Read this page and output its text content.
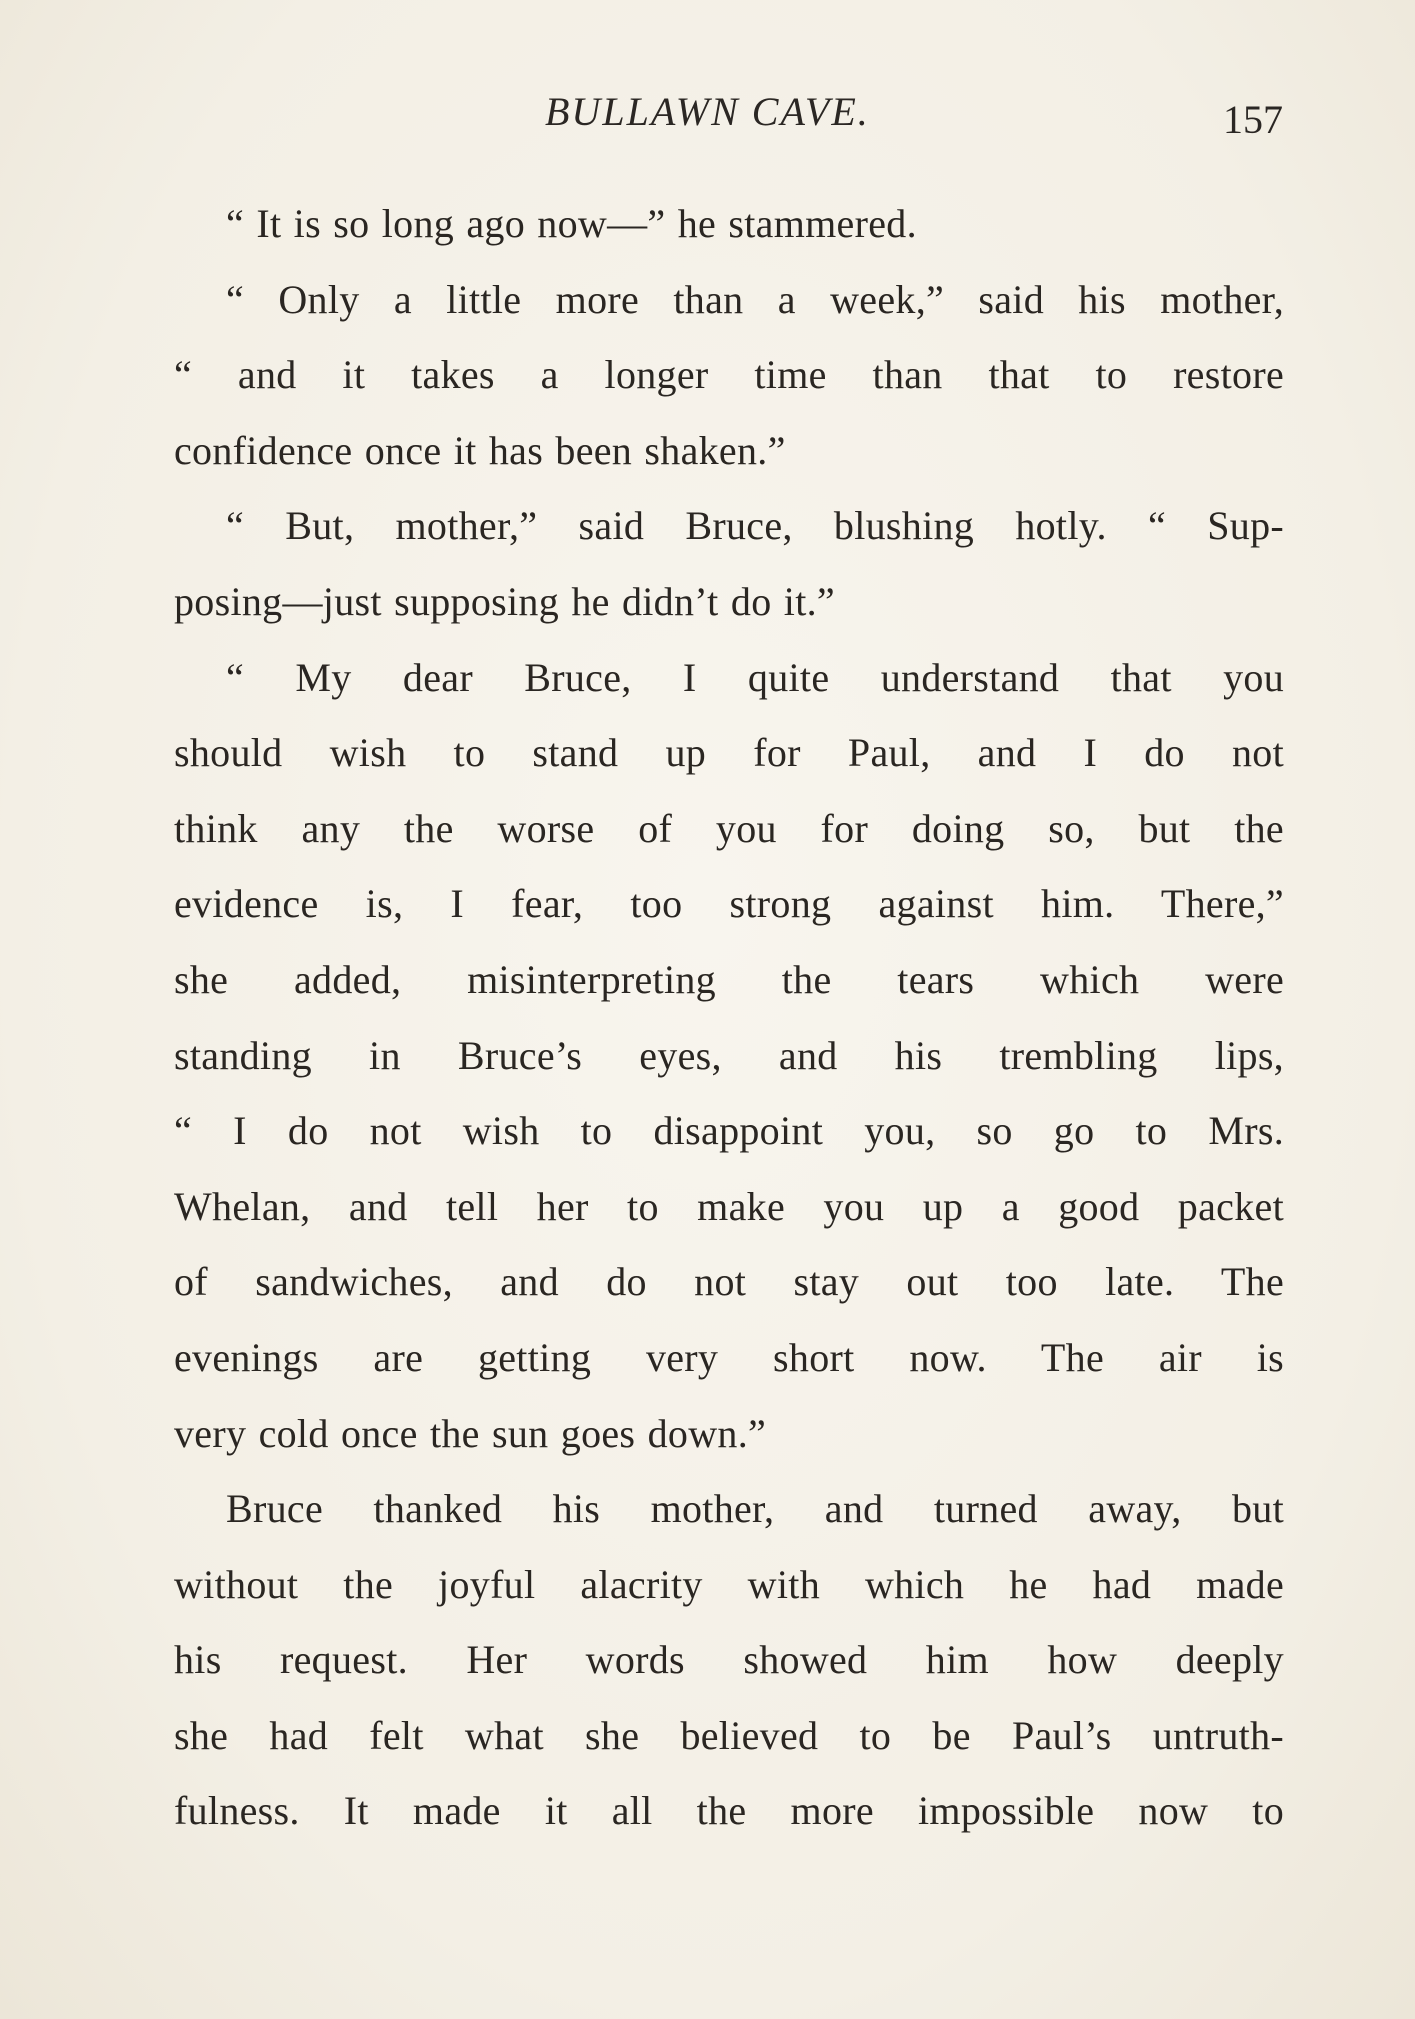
BULLAWN CAVE.	157
“ It is so long ago now—” he stammered.
“ Only a little more than a week,” said his mother,
“ and it takes a longer time than that to restore
confidence once it has been shaken.”
“ But, mother,” said Bruce, blushing hotly. “ Sup-
posing—just supposing he didn’t do it.”
“ My dear Bruce, I quite understand that you
should wish to stand up for Paul, and I do not
think any the worse of you for doing so, but the
evidence is, I fear, too strong against him. There,”
she added, misinterpreting the tears which were
standing in Bruce’s eyes, and his trembling lips,
“ I do not wish to disappoint you, so go to Mrs.
Whelan, and tell her to make you up a good packet
of sandwiches, and do not stay out too late. The
evenings are getting very short now. The air is
very cold once the sun goes down.”
Bruce thanked his mother, and turned away, but
without the joyful alacrity with which he had made
his request. Her words showed him how deeply
she had felt what she believed to be Paul’s untruth-
fulness. It made it all the more impossible now to
